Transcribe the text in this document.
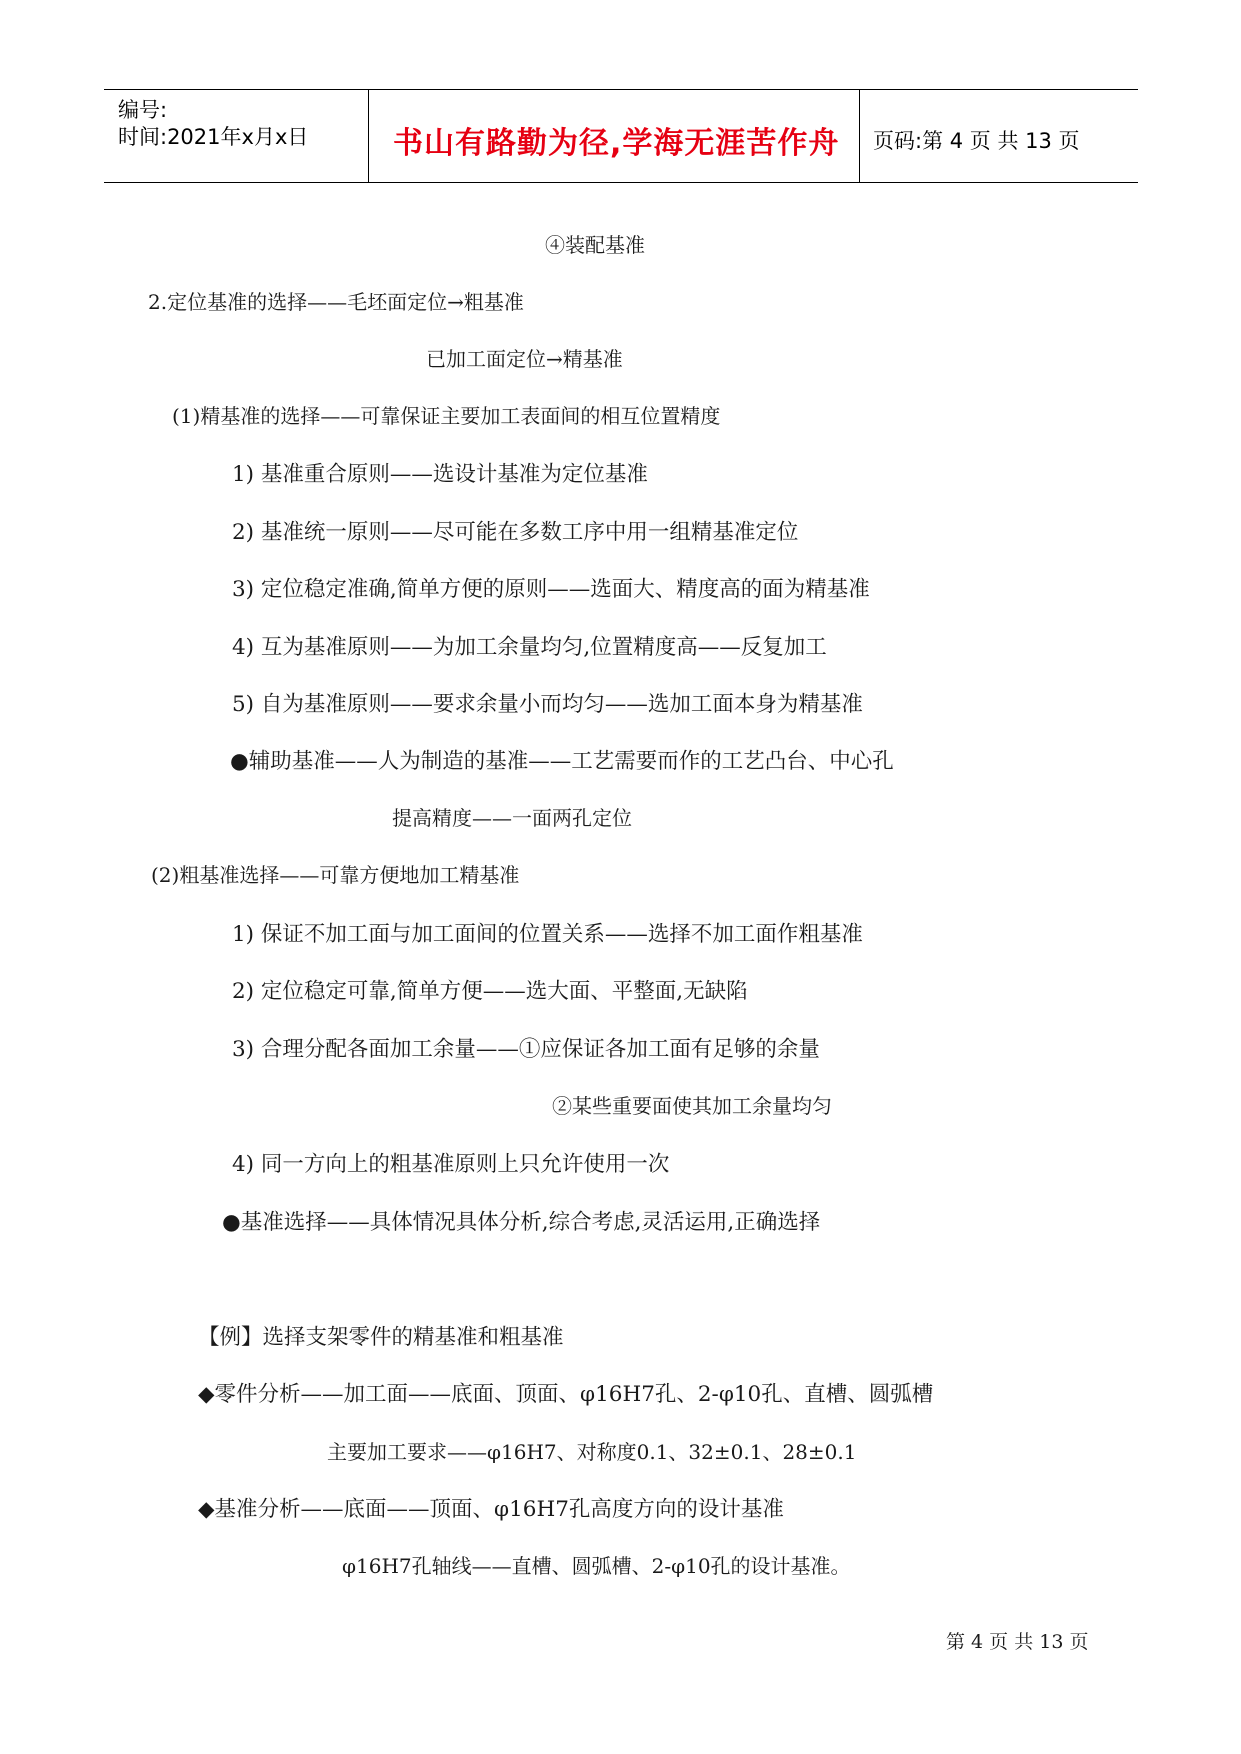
编号:
时间:2021年x月x日	书山有路勤为径,学海无涯苦作舟 页码:第 4 页 共 13 页
④装配基准
2.定位基准的选择——毛坯面定位→粗基准
已加工面定位→精基准
(1)精基准的选择——可靠保证主要加工表面间的相互位置精度
1) 基准重合原则——选设计基准为定位基准
2) 基准统一原则——尽可能在多数工序中用一组精基准定位
3) 定位稳定准确,简单方便的原则——选面大、精度高的面为精基准
4) 互为基准原则——为加工余量均匀,位置精度高——反复加工
5) 自为基准原则——要求余量小而均匀——选加工面本身为精基准
●辅助基准——人为制造的基准——工艺需要而作的工艺凸台、中心孔
提高精度——一面两孔定位
(2)粗基准选择——可靠方便地加工精基准
1) 保证不加工面与加工面间的位置关系——选择不加工面作粗基准
2) 定位稳定可靠,简单方便——选大面、平整面,无缺陷
3) 合理分配各面加工余量——①应保证各加工面有足够的余量
②某些重要面使其加工余量均匀
4) 同一方向上的粗基准原则上只允许使用一次
●基准选择——具体情况具体分析,综合考虑,灵活运用,正确选择
【例】选择支架零件的精基准和粗基准
◆零件分析——加工面——底面、顶面、φ16H7孔、2-φ10孔、直槽、圆弧槽
主要加工要求——φ16H7、对称度0.1、32±0.1、28±0.1
◆基准分析——底面——顶面、φ16H7孔高度方向的设计基准
φ16H7孔轴线——直槽、圆弧槽、2-φ10孔的设计基准。
第 4 页 共 13 页
